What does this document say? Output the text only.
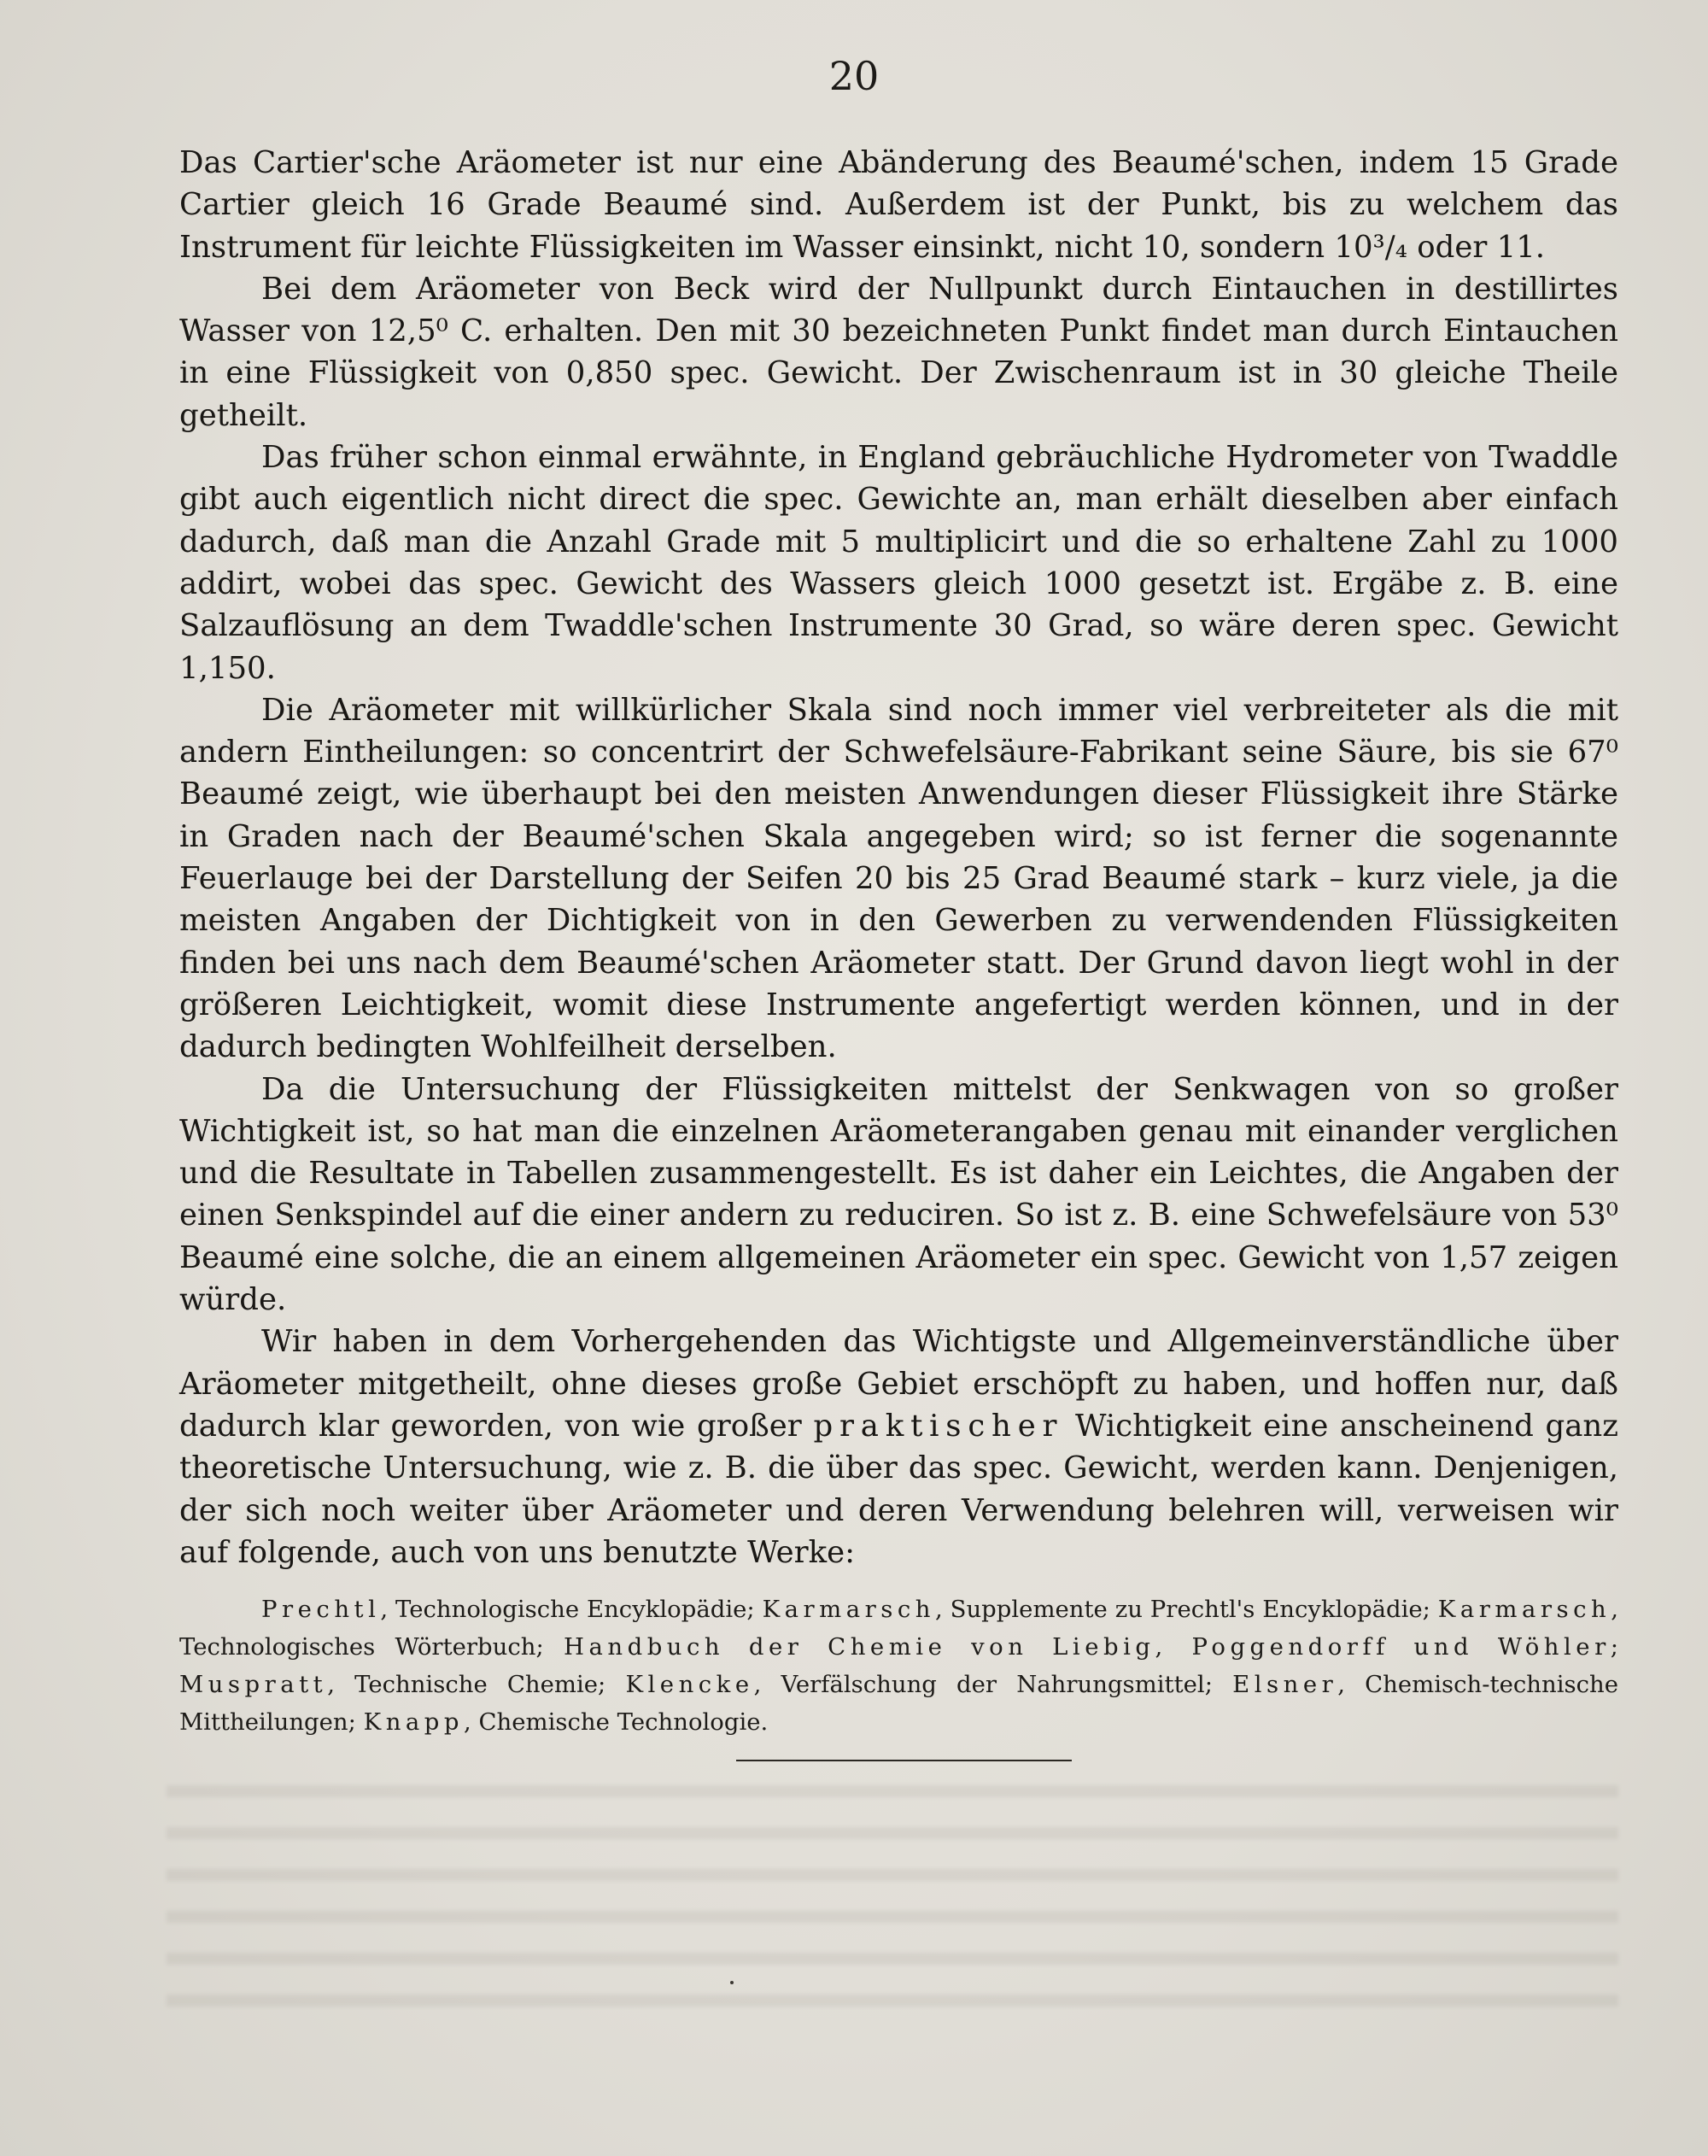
20

Das Cartier'sche Aräometer ist nur eine Abänderung des Beaumé'schen, indem 15 Grade Cartier gleich 16 Grade Beaumé sind. Außerdem ist der Punkt, bis zu welchem das Instrument für leichte Flüssigkeiten im Wasser einsinkt, nicht 10, sondern 10³/₄ oder 11.

Bei dem Aräometer von Beck wird der Nullpunkt durch Eintauchen in destillirtes Wasser von 12,5⁰ C. erhalten. Den mit 30 bezeichneten Punkt findet man durch Eintauchen in eine Flüssigkeit von 0,850 spec. Gewicht. Der Zwischenraum ist in 30 gleiche Theile getheilt.

Das früher schon einmal erwähnte, in England gebräuchliche Hydrometer von Twaddle gibt auch eigentlich nicht direct die spec. Gewichte an, man erhält dieselben aber einfach dadurch, daß man die Anzahl Grade mit 5 multiplicirt und die so erhaltene Zahl zu 1000 addirt, wobei das spec. Gewicht des Wassers gleich 1000 gesetzt ist. Ergäbe z. B. eine Salzauflösung an dem Twaddle'schen Instrumente 30 Grad, so wäre deren spec. Gewicht 1,150.

Die Aräometer mit willkürlicher Skala sind noch immer viel verbreiteter als die mit andern Eintheilungen: so concentrirt der Schwefelsäure-Fabrikant seine Säure, bis sie 67⁰ Beaumé zeigt, wie überhaupt bei den meisten Anwendungen dieser Flüssigkeit ihre Stärke in Graden nach der Beaumé'schen Skala angegeben wird; so ist ferner die sogenannte Feuerlauge bei der Darstellung der Seifen 20 bis 25 Grad Beaumé stark – kurz viele, ja die meisten Angaben der Dichtigkeit von in den Gewerben zu verwendenden Flüssigkeiten finden bei uns nach dem Beaumé'schen Aräometer statt. Der Grund davon liegt wohl in der größeren Leichtigkeit, womit diese Instrumente angefertigt werden können, und in der dadurch bedingten Wohlfeilheit derselben.

Da die Untersuchung der Flüssigkeiten mittelst der Senkwagen von so großer Wichtigkeit ist, so hat man die einzelnen Aräometerangaben genau mit einander verglichen und die Resultate in Tabellen zusammengestellt. Es ist daher ein Leichtes, die Angaben der einen Senkspindel auf die einer andern zu reduciren. So ist z. B. eine Schwefelsäure von 53⁰ Beaumé eine solche, die an einem allgemeinen Aräometer ein spec. Gewicht von 1,57 zeigen würde.

Wir haben in dem Vorhergehenden das Wichtigste und Allgemeinverständliche über Aräometer mitgetheilt, ohne dieses große Gebiet erschöpft zu haben, und hoffen nur, daß dadurch klar geworden, von wie großer praktischer Wichtigkeit eine anscheinend ganz theoretische Untersuchung, wie z. B. die über das spec. Gewicht, werden kann. Denjenigen, der sich noch weiter über Aräometer und deren Verwendung belehren will, verweisen wir auf folgende, auch von uns benutzte Werke:

Prechtl, Technologische Encyklopädie; Karmarsch, Supplemente zu Prechtl's Encyklopädie; Karmarsch, Technologisches Wörterbuch; Handbuch der Chemie von Liebig, Poggendorff und Wöhler; Muspratt, Technische Chemie; Klencke, Verfälschung der Nahrungsmittel; Elsner, Chemisch-technische Mittheilungen; Knapp, Chemische Technologie.
